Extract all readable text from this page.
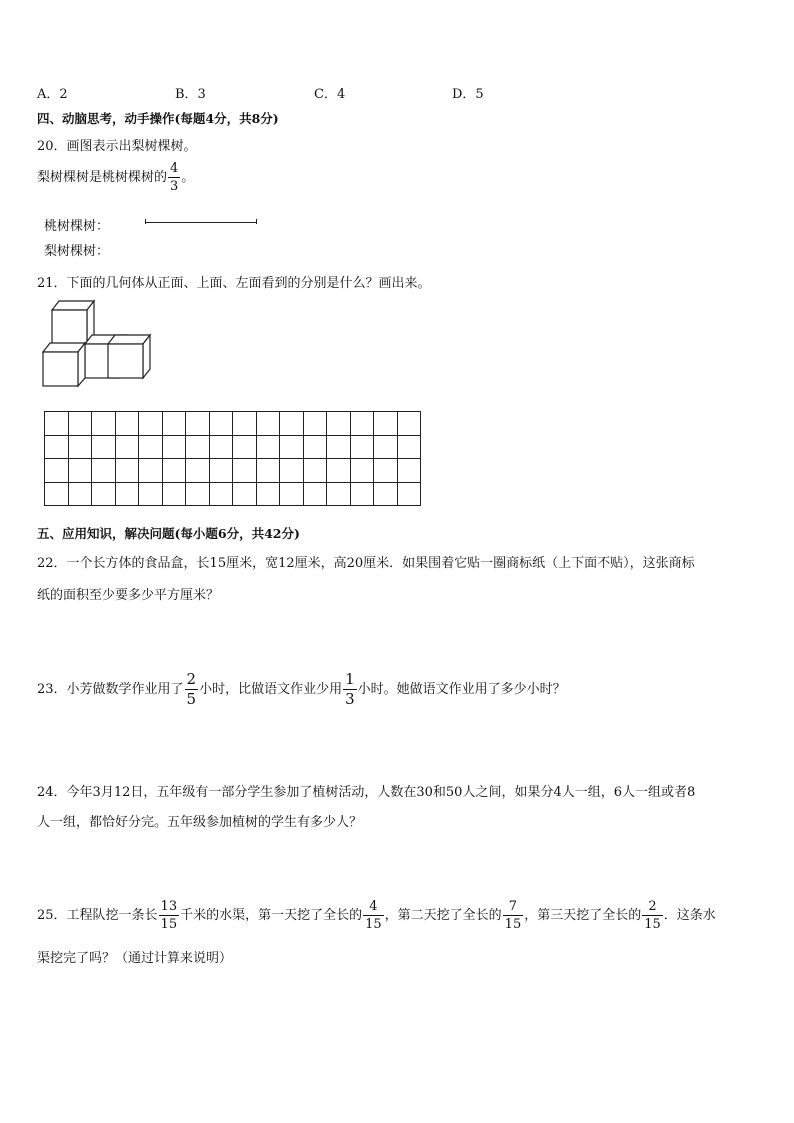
A．2	B．3	C．4	D．5
四、动脑思考，动手操作(每题4分，共8分)
20．画图表示出梨树棵树。
梨树棵树是桃树棵树的 $\frac{4}{3}$ 。
桃树棵树：
梨树棵树：
21．下面的几何体从正面、上面、左面看到的分别是什么？画出来。

五、应用知识，解决问题(每小题6分，共42分)
22．一个长方体的食品盒，长15厘米，宽12厘米，高20厘米．如果围着它贴一圈商标纸（上下面不贴），这张商标
纸的面积至少要多少平方厘米？
23．小芳做数学作业用了 $\frac{2}{5}$ 小时，比做语文作业少用 $\frac{1}{3}$ 小时。她做语文作业用了多少小时？
24．今年3月12日，五年级有一部分学生参加了植树活动，人数在30和50人之间，如果分4人一组，6人一组或者8
人一组，都恰好分完。五年级参加植树的学生有多少人？
25．工程队挖一条长 $\frac{13}{15}$ 千米的水渠，第一天挖了全长的 $\frac{4}{15}$ ，第二天挖了全长的 $\frac{7}{15}$ ，第三天挖了全长的 $\frac{2}{15}$ ．这条水
渠挖完了吗？（通过计算来说明）
